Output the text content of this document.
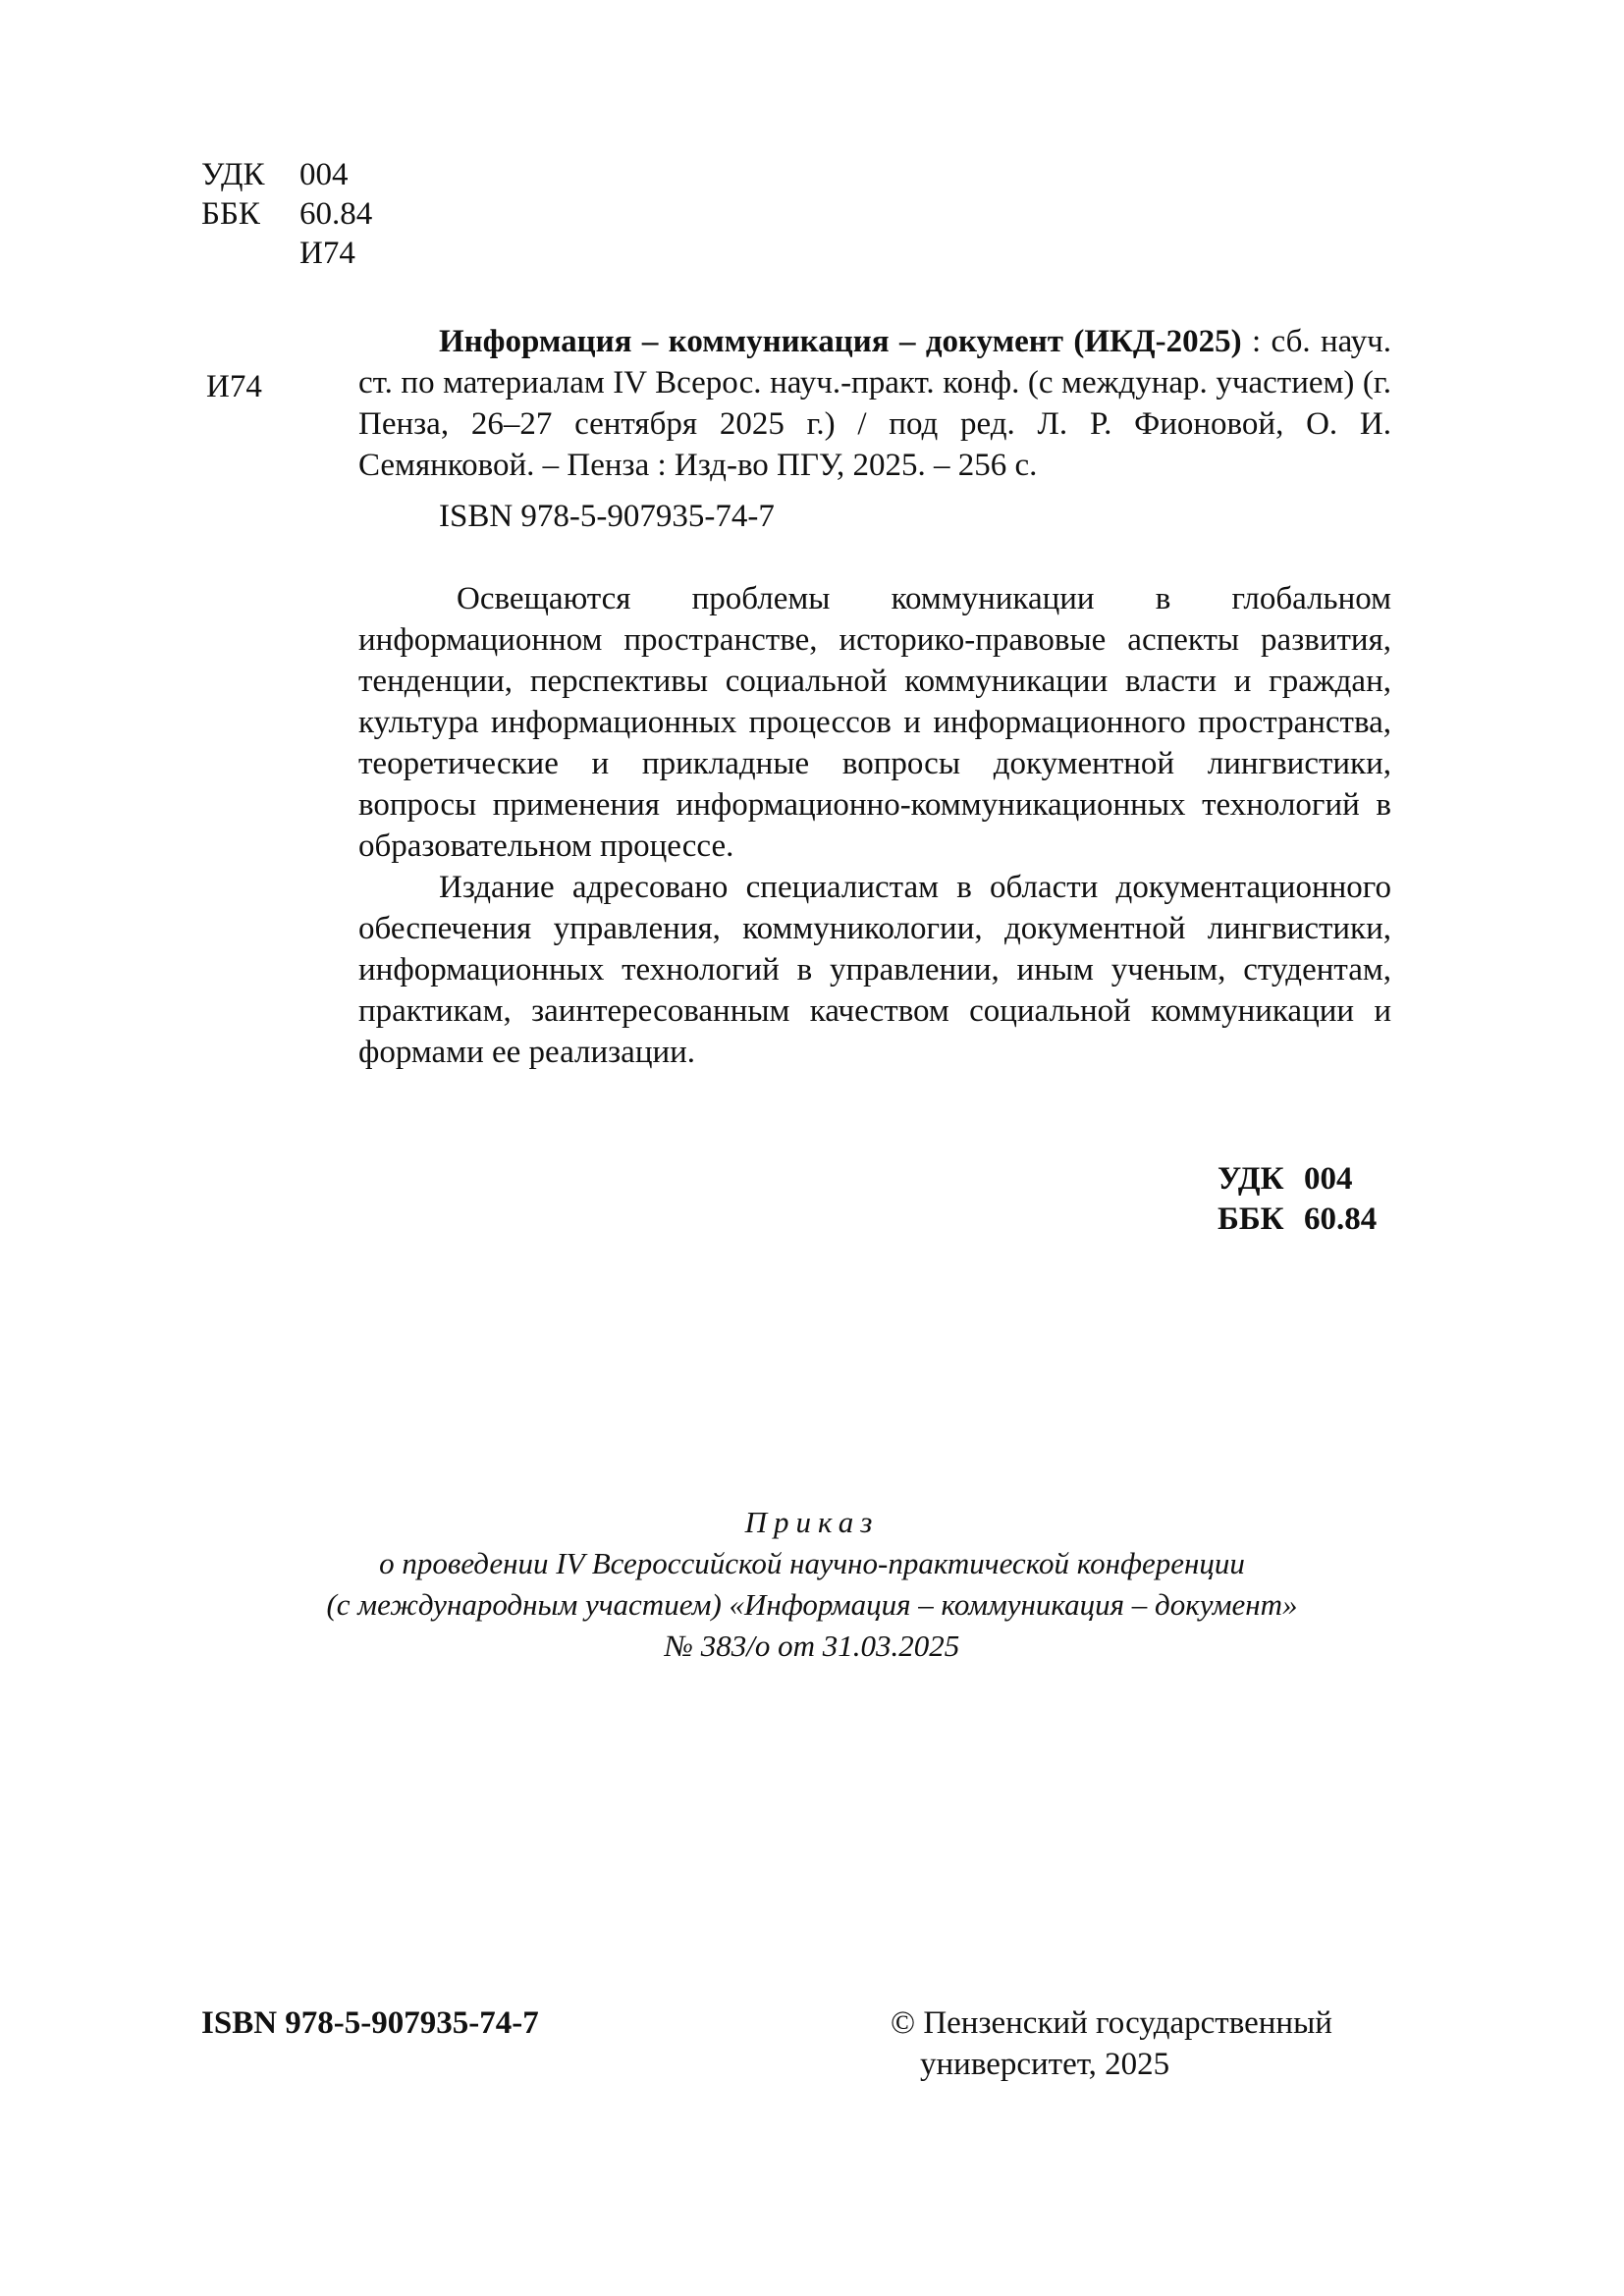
УДК	004
ББК	60.84
И74
И74

Информация – коммуникация – документ (ИКД-2025) : сб. науч. ст. по материалам IV Всерос. науч.-практ. конф. (с междунар. участием) (г. Пенза, 26–27 сентября 2025 г.) / под ред. Л. Р. Фионовой, О. И. Семянковой. – Пенза : Изд-во ПГУ, 2025. – 256 с.

ISBN 978-5-907935-74-7

Освещаются проблемы коммуникации в глобальном информационном пространстве, историко-правовые аспекты развития, тенденции, перспективы социальной коммуникации власти и граждан, культура информационных процессов и информационного пространства, теоретические и прикладные вопросы документной лингвистики, вопросы применения информационно-коммуникационных технологий в образовательном процессе.

Издание адресовано специалистам в области документационного обеспечения управления, коммуникологии, документной лингвистики, информационных технологий в управлении, иным ученым, студентам, практикам, заинтересованным качеством социальной коммуникации и формами ее реализации.

УДК 004
ББК 60.84
Приказ
о проведении IV Всероссийской научно-практической конференции
(с международным участием) «Информация – коммуникация – документ»
№ 383/о от 31.03.2025
ISBN 978-5-907935-74-7	© Пензенский государственный
университет, 2025
